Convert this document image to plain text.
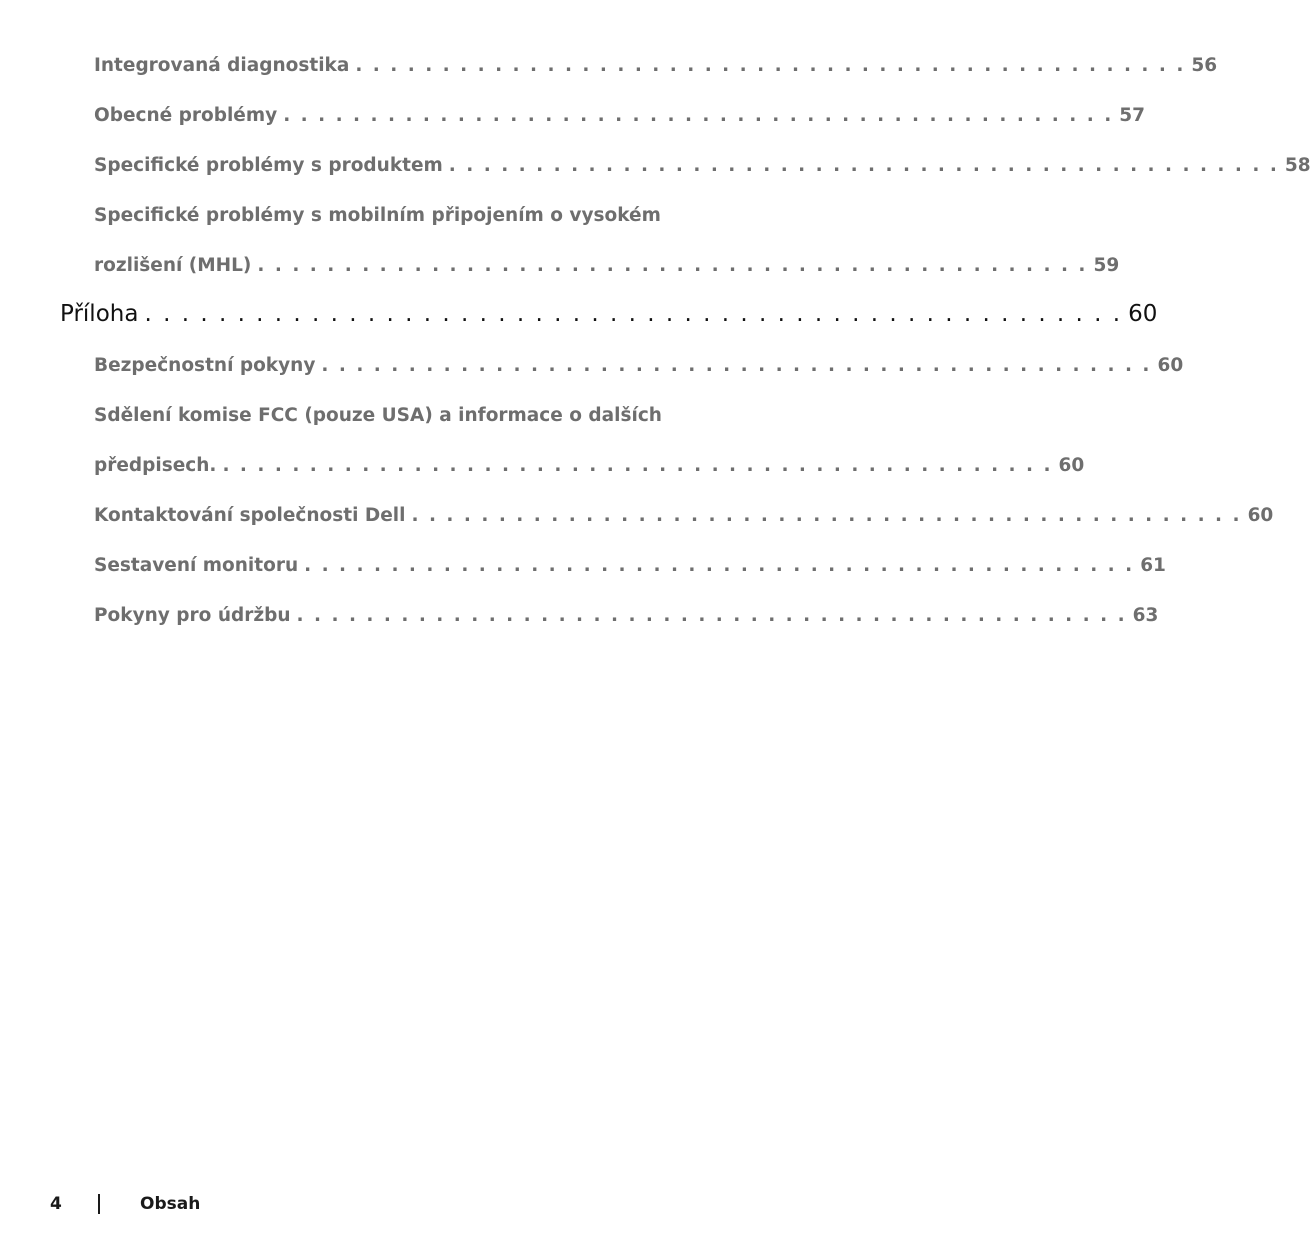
Integrovaná diagnostika . . . . . . . . . . . . . . . . . . . . . . . . . . . . . . . . . . . . . . . . . . . . . . . . 56
Obecné problémy . . . . . . . . . . . . . . . . . . . . . . . . . . . . . . . . . . . . . . . . . . . . . . . . 57
Specifické problémy s produktem . . . . . . . . . . . . . . . . . . . . . . . . . . . . . . . . . . . . . . . . . . . . . . . . 58
Specifické problémy s mobilním připojením o vysokém
rozlišení (MHL) . . . . . . . . . . . . . . . . . . . . . . . . . . . . . . . . . . . . . . . . . . . . . . . . 59
Příloha . . . . . . . . . . . . . . . . . . . . . . . . . . . . . . . . . . . . . . . . . . . . . . . . . . . . . 60
Bezpečnostní pokyny . . . . . . . . . . . . . . . . . . . . . . . . . . . . . . . . . . . . . . . . . . . . . . . . 60
Sdělení komise FCC (pouze USA) a informace o dalších
předpisech. . . . . . . . . . . . . . . . . . . . . . . . . . . . . . . . . . . . . . . . . . . . . . . . . 60
Kontaktování společnosti Dell . . . . . . . . . . . . . . . . . . . . . . . . . . . . . . . . . . . . . . . . . . . . . . . . 60
Sestavení monitoru . . . . . . . . . . . . . . . . . . . . . . . . . . . . . . . . . . . . . . . . . . . . . . . . 61
Pokyny pro údržbu . . . . . . . . . . . . . . . . . . . . . . . . . . . . . . . . . . . . . . . . . . . . . . . . 63
4	Obsah
